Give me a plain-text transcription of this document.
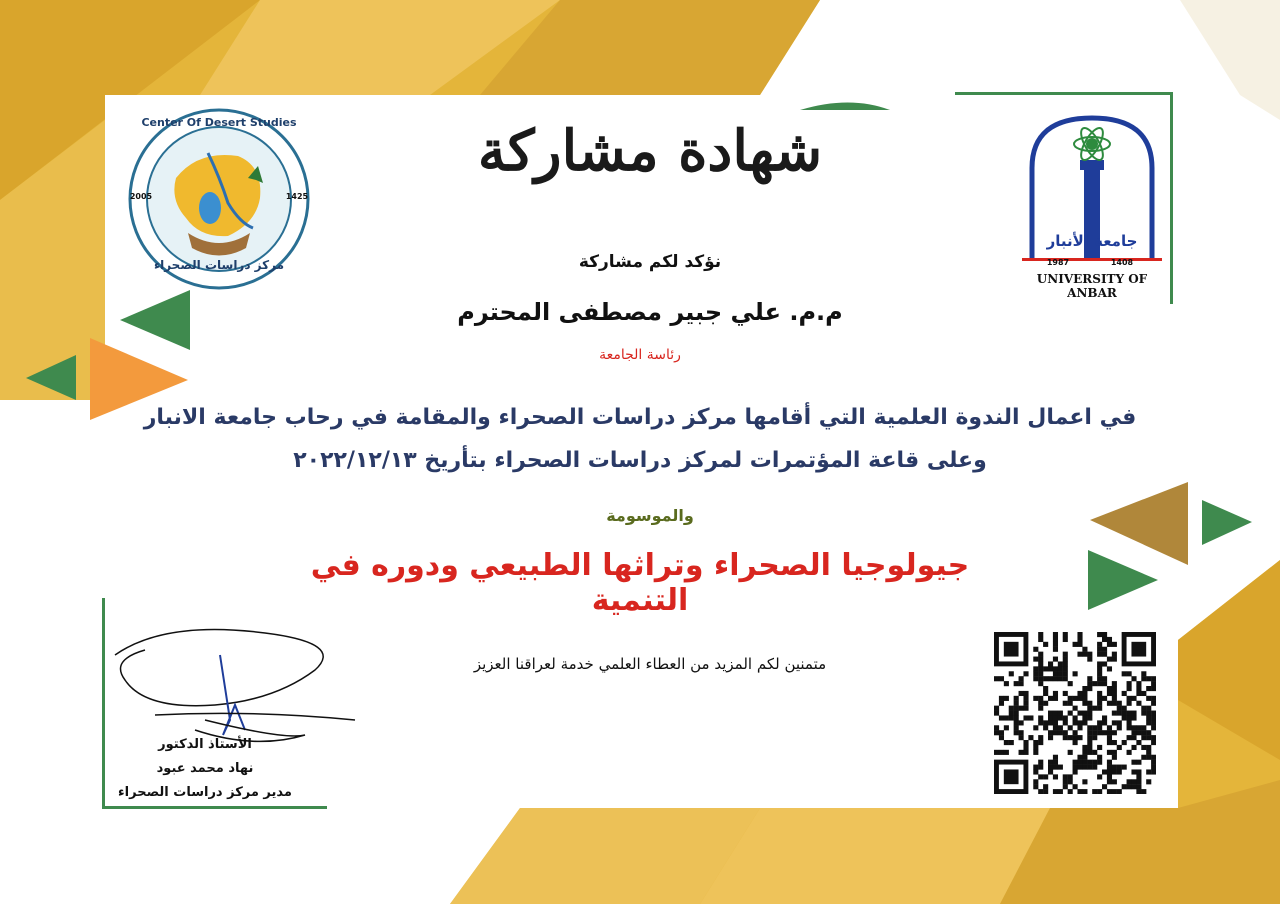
Center Of Desert Studies
2005	1425
مركز دراسات الصحراء
جامعة الأنبار
1987	1408
UNIVERSITY OF ANBAR
شهادة مشاركة
نؤكد لكم مشاركة
م.م. علي جبير مصطفى المحترم
رئاسة الجامعة
في اعمال الندوة العلمية التي أقامها مركز دراسات الصحراء والمقامة في رحاب جامعة الانبار
وعلى قاعة المؤتمرات لمركز دراسات الصحراء بتأريخ ٢٠٢٢/١٢/١٣
والموسومة
جيولوجيا الصحراء وتراثها الطبيعي ودوره في التنمية
متمنين لكم المزيد من العطاء العلمي خدمة لعراقنا العزيز
الأستاذ الدكتور
نهاد محمد عبود
مدير مركز دراسات الصحراء
